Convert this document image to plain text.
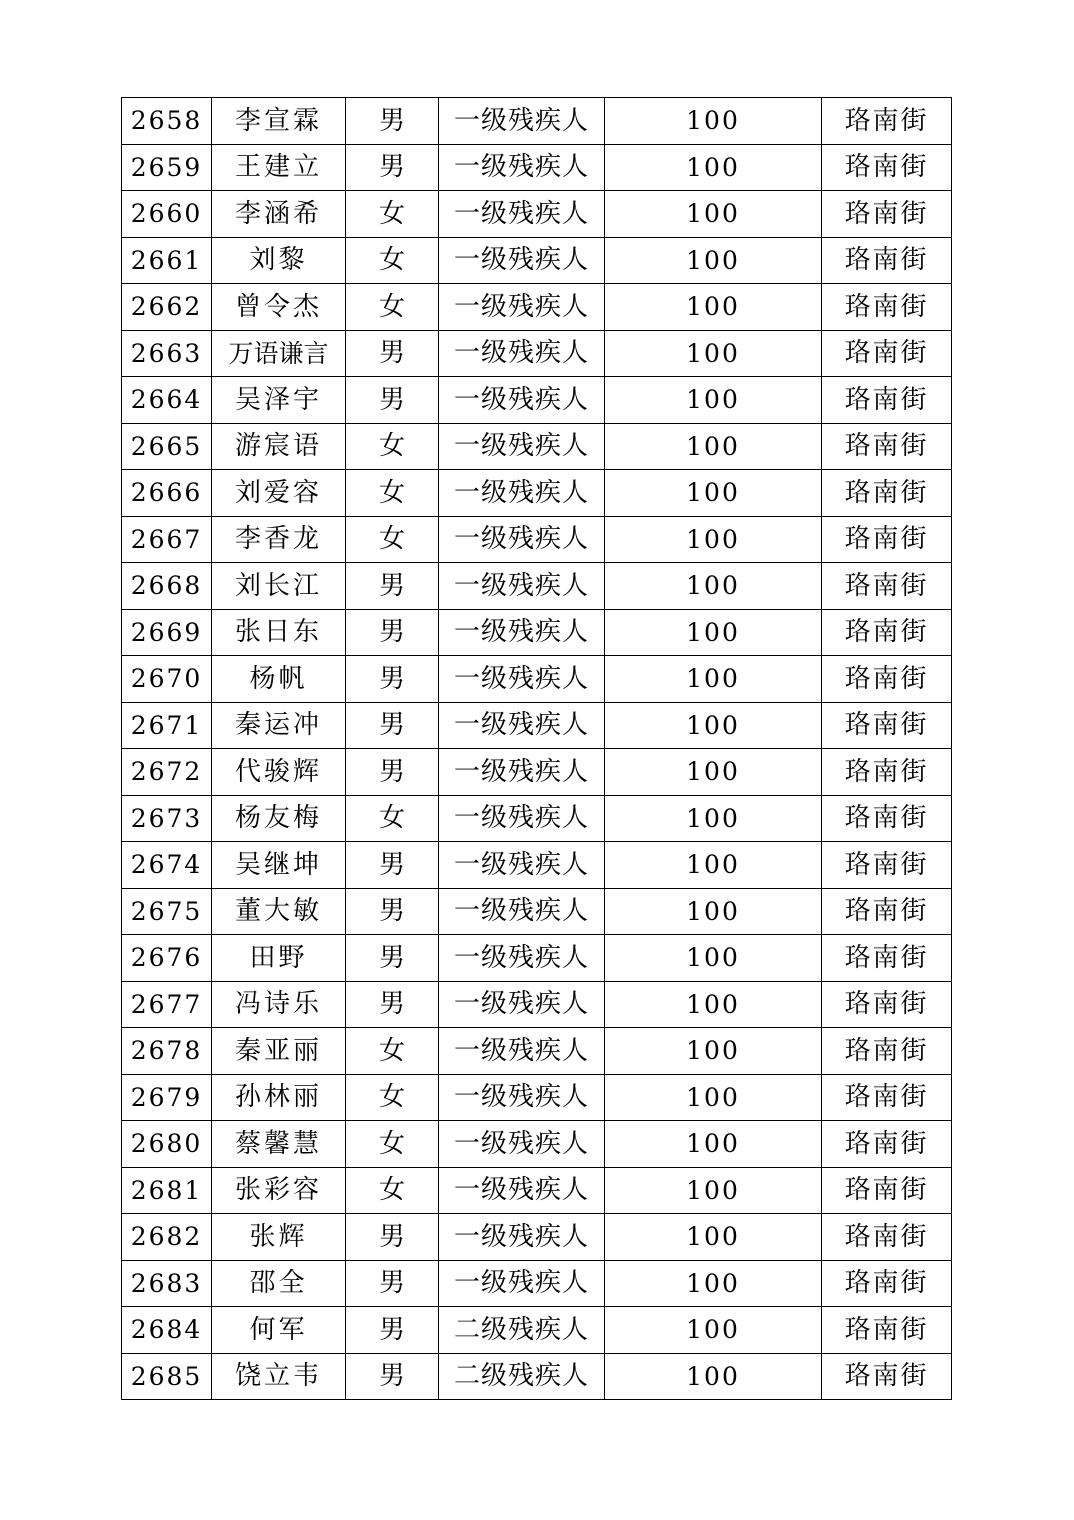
2658	李宣霖	男	一级残疾人	100	珞南街
2659	王建立	男	一级残疾人	100	珞南街
2660	李涵希	女	一级残疾人	100	珞南街
2661	刘黎	女	一级残疾人	100	珞南街
2662	曾令杰	女	一级残疾人	100	珞南街
2663	万语谦言	男	一级残疾人	100	珞南街
2664	吴泽宇	男	一级残疾人	100	珞南街
2665	游宸语	女	一级残疾人	100	珞南街
2666	刘爱容	女	一级残疾人	100	珞南街
2667	李香龙	女	一级残疾人	100	珞南街
2668	刘长江	男	一级残疾人	100	珞南街
2669	张日东	男	一级残疾人	100	珞南街
2670	杨帆	男	一级残疾人	100	珞南街
2671	秦运冲	男	一级残疾人	100	珞南街
2672	代骏辉	男	一级残疾人	100	珞南街
2673	杨友梅	女	一级残疾人	100	珞南街
2674	吴继坤	男	一级残疾人	100	珞南街
2675	董大敏	男	一级残疾人	100	珞南街
2676	田野	男	一级残疾人	100	珞南街
2677	冯诗乐	男	一级残疾人	100	珞南街
2678	秦亚丽	女	一级残疾人	100	珞南街
2679	孙林丽	女	一级残疾人	100	珞南街
2680	蔡馨慧	女	一级残疾人	100	珞南街
2681	张彩容	女	一级残疾人	100	珞南街
2682	张辉	男	一级残疾人	100	珞南街
2683	邵全	男	一级残疾人	100	珞南街
2684	何军	男	二级残疾人	100	珞南街
2685	饶立韦	男	二级残疾人	100	珞南街
